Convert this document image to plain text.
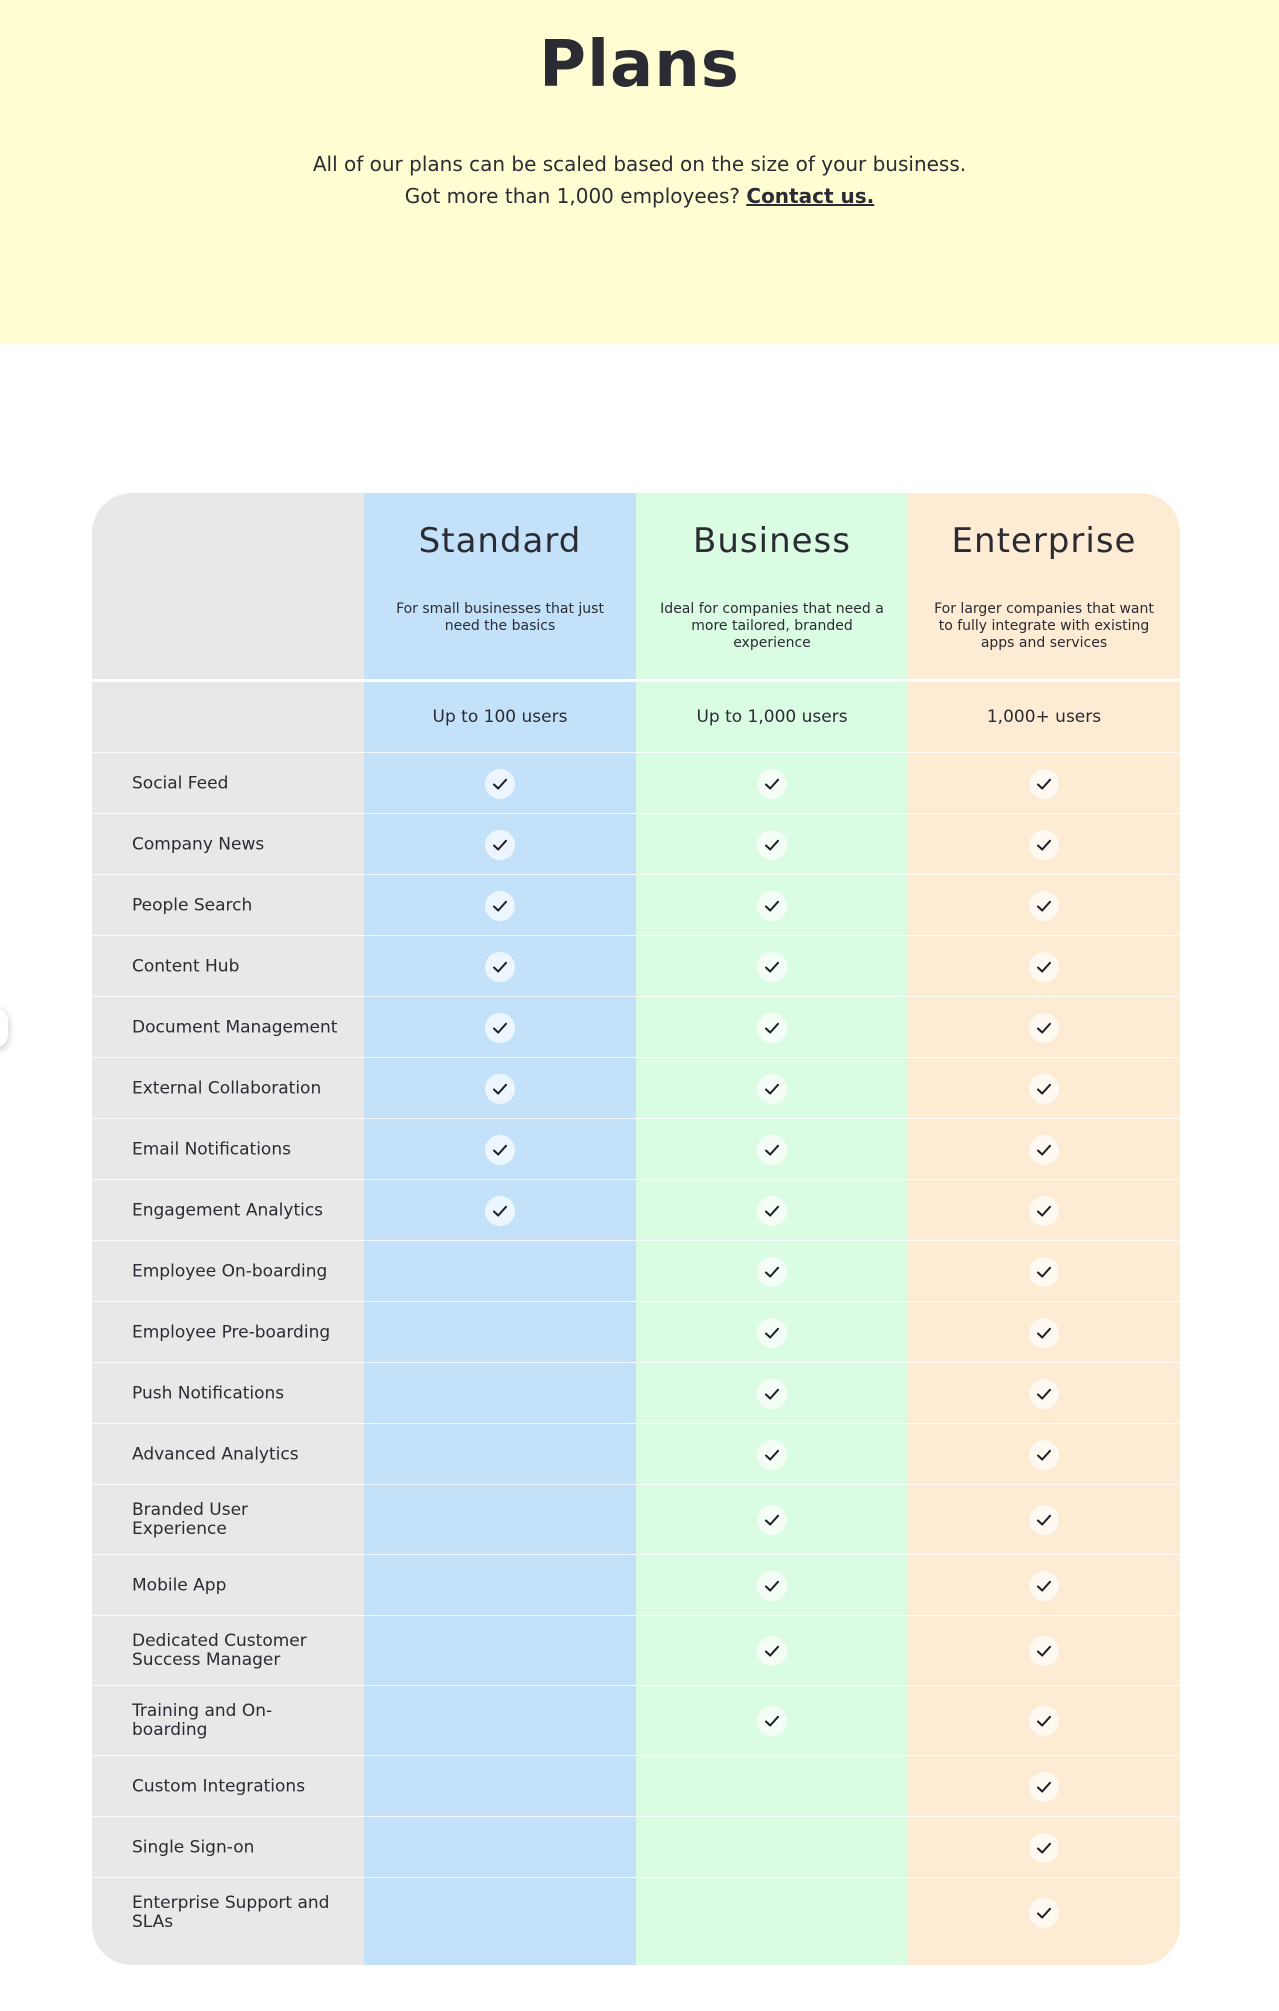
Plans
All of our plans can be scaled based on the size of your business.
Got more than 1,000 employees? Contact us.
Standard
For small businesses that just need the basics
Business
Ideal for companies that need a more tailored, branded experience
Enterprise
For larger companies that want to fully integrate with existing apps and services
Up to 100 users	Up to 1,000 users	1,000+ users
Social Feed
Company News
People Search
Content Hub
Document Management
External Collaboration
Email Notifications
Engagement Analytics
Employee On-boarding
Employee Pre-boarding
Push Notifications
Advanced Analytics
Branded User Experience
Mobile App
Dedicated Customer Success Manager
Training and On-boarding
Custom Integrations
Single Sign-on
Enterprise Support and SLAs
